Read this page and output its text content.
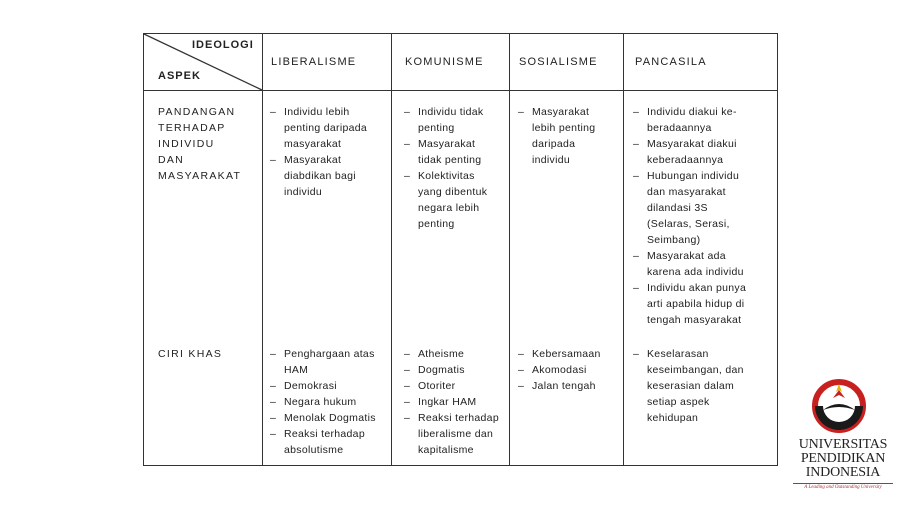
IDEOLOGI
ASPEK
LIBERALISME	KOMUNISME	SOSIALISME	PANCASILA
PANDANGAN
TERHADAP
INDIVIDU
DAN
MASYARAKAT
– Individu lebih
penting daripada
masyarakat
– Masyarakat
diabdikan bagi
individu
– Individu tidak
penting
– Masyarakat
tidak penting
– Kolektivitas
yang dibentuk
negara lebih
penting
– Masyarakat
lebih penting
daripada
individu
– Individu diakui ke-
beradaannya
– Masyarakat diakui
keberadaannya
– Hubungan individu
dan masyarakat
dilandasi 3S
(Selaras, Serasi,
Seimbang)
– Masyarakat ada
karena ada individu
– Individu akan punya
arti apabila hidup di
tengah masyarakat
CIRI KHAS
–	Penghargaan atas
HAM
– Demokrasi
– Negara hukum
– Menolak Dogmatis
– Reaksi terhadap
absolutisme
– Atheisme
– Dogmatis
– Otoriter
– Ingkar HAM
– Reaksi terhadap
liberalisme dan
kapitalisme
– Kebersamaan
– Akomodasi
– Jalan tengah
– Keselarasan
keseimbangan, dan
keserasian dalam
setiap aspek
kehidupan
UNIVERSITAS
PENDIDIKAN
INDONESIA
A Leading and Outstanding University
